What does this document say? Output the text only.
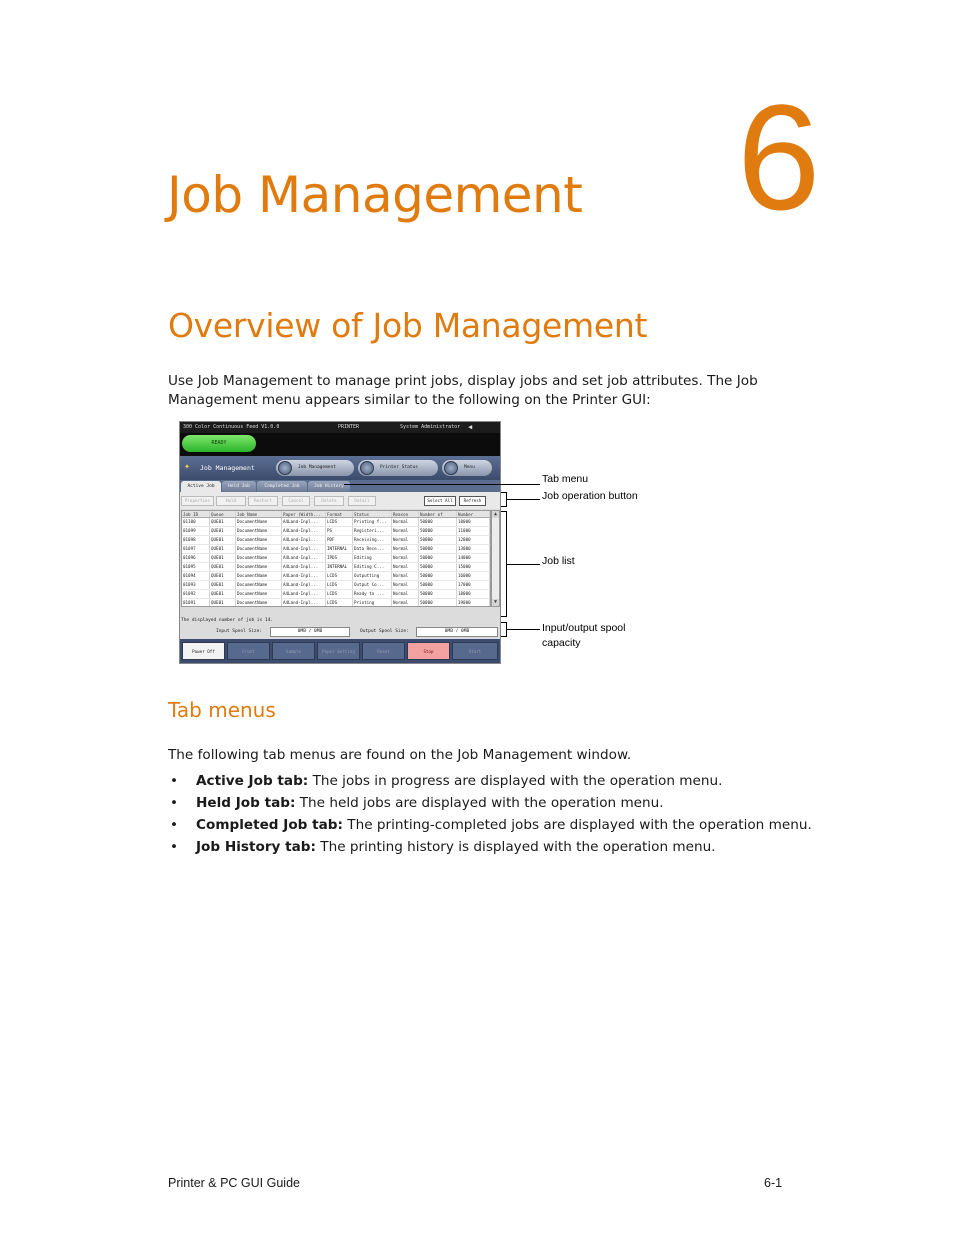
6
Job Management
Overview of Job Management

Use Job Management to manage print jobs, display jobs and set job attributes. The Job Management menu appears similar to the following on the Printer GUI:

300 Color Continuous Feed V1.0.0	PRINTER	System Administrator ◀
READY
✦	Job Management	Job Management	Printer Status	Menu
Active Job	Held Job	Completed Job	Job History
Properties	Hold	Restart	Cancel	Delete	Detail	Select All	Refresh
Job ID	Queue	Job Name	Paper (Width...	Format	Status	Reason	Number of	Number
01100	QUE01	DocumentName	A4Land-Inpl...	LCDS	Printing f...	Normal	50000	10000
01099	QUE01	DocumentName	A4Land-Inpl...	PS	Registeri...	Normal	50000	11000
01098	QUE01	DocumentName	A4Land-Inpl...	PDF	Receiving...	Normal	50000	12000
01097	QUE01	DocumentName	A4Land-Inpl...	INTERNAL	Data Rece...	Normal	50000	13000
01096	QUE01	DocumentName	A4Land-Inpl...	IPDS	Editing	Normal	50000	14000
01095	QUE01	DocumentName	A4Land-Inpl...	INTERNAL	Editing C...	Normal	50000	15000
01094	QUE01	DocumentName	A4Land-Inpl...	LCDS	Outputting	Normal	50000	16000
01093	QUE01	DocumentName	A4Land-Inpl...	LCDS	Output Co...	Normal	50000	17000
01092	QUE01	DocumentName	A4Land-Inpl...	LCDS	Ready to ...	Normal	50000	18000
01091	QUE01	DocumentName	A4Land-Inpl...	LCDS	Printing	Normal	50000	19000
▲
▼
The displayed number of job is 14.
Input Spool Size:	0MB / 0MB	Output Spool Size:	0MB / 0MB
Power Off	Front	Sample	Paper Setting	Reset	Stop	Start
Tab menu
Job operation button
Job list
Input/output spool
capacity
Tab menus

The following tab menus are found on the Job Management window.

• Active Job tab: The jobs in progress are displayed with the operation menu.
• Held Job tab: The held jobs are displayed with the operation menu.
• Completed Job tab: The printing-completed jobs are displayed with the operation menu.
• Job History tab: The printing history is displayed with the operation menu.
Printer & PC GUI Guide	6-1
